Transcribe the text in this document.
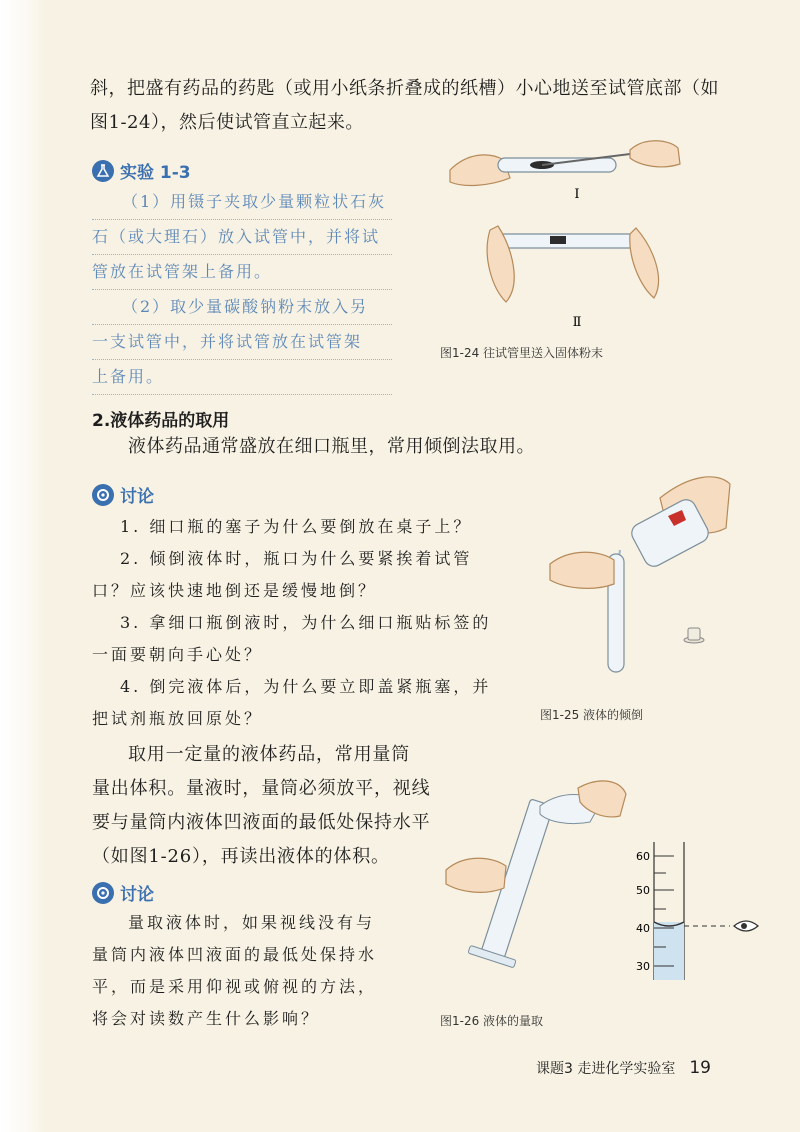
斜，把盛有药品的药匙（或用小纸条折叠成的纸槽）小心地送至试管底部（如
图1-24），然后使试管直立起来。
实验 1-3
（1）用镊子夹取少量颗粒状石灰
石（或大理石）放入试管中，并将试
管放在试管架上备用。
（2）取少量碳酸钠粉末放入另
一支试管中，并将试管放在试管架
上备用。
I
Ⅱ
图1-24 往试管里送入固体粉末
2.液体药品的取用
液体药品通常盛放在细口瓶里，常用倾倒法取用。
讨论
1. 细口瓶的塞子为什么要倒放在桌子上？
2. 倾倒液体时，瓶口为什么要紧挨着试管
口？应该快速地倒还是缓慢地倒？
3. 拿细口瓶倒液时，为什么细口瓶贴标签的
一面要朝向手心处？
4. 倒完液体后，为什么要立即盖紧瓶塞，并
把试剂瓶放回原处？	图1-25 液体的倾倒
取用一定量的液体药品，常用量筒
量出体积。量液时，量筒必须放平，视线
要与量筒内液体凹液面的最低处保持水平
（如图1-26），再读出液体的体积。
讨论
量取液体时，如果视线没有与
量筒内液体凹液面的最低处保持水
平，而是采用仰视或俯视的方法，
将会对读数产生什么影响？
60
50
40
30
图1-26 液体的量取
课题3 走进化学实验室 19
